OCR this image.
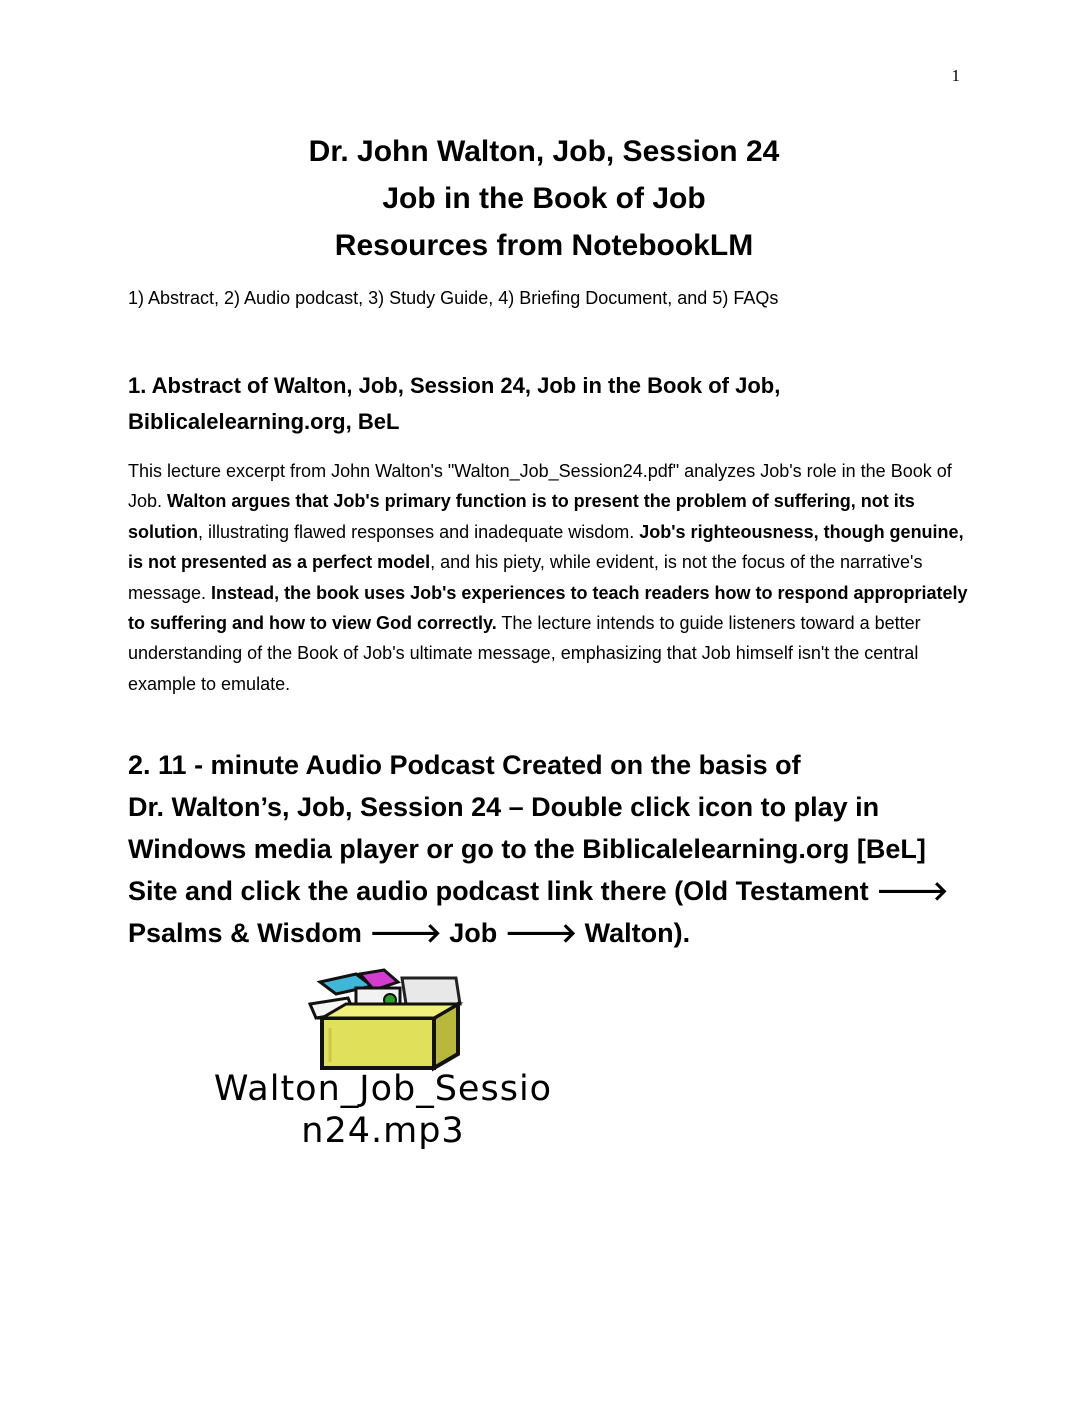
1
Dr. John Walton, Job, Session 24
Job in the Book of Job
Resources from NotebookLM
1) Abstract, 2) Audio podcast, 3) Study Guide, 4) Briefing Document, and 5) FAQs
1. Abstract of Walton, Job, Session 24, Job in the Book of Job,
Biblicalelearning.org, BeL
This lecture excerpt from John Walton's "Walton_Job_Session24.pdf" analyzes Job's role in the Book of Job. Walton argues that Job's primary function is to present the problem of suffering, not its solution, illustrating flawed responses and inadequate wisdom. Job's righteousness, though genuine, is not presented as a perfect model, and his piety, while evident, is not the focus of the narrative's message. Instead, the book uses Job's experiences to teach readers how to respond appropriately to suffering and how to view God correctly. The lecture intends to guide listeners toward a better understanding of the Book of Job's ultimate message, emphasizing that Job himself isn't the central example to emulate.
2. 11 - minute Audio Podcast Created on the basis of
Dr. Walton’s, Job, Session 24 – Double click icon to play in Windows media player or go to the Biblicalelearning.org [BeL] Site and click the audio podcast link there (Old Testament 🡒 Psalms & Wisdom 🡒 Job 🡒 Walton).
Walton_Job_Sessio
n24.mp3
